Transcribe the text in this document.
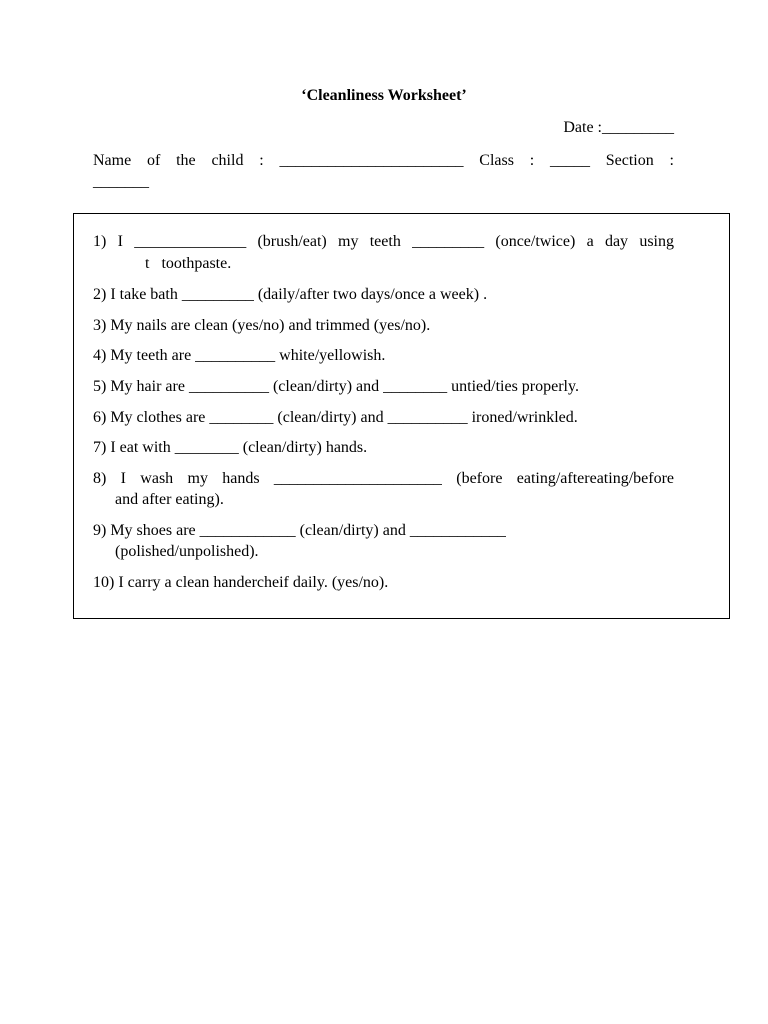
‘Cleanliness Worksheet’
Date :_________
Name of the child : _______________________ Class : _____ Section :
_______
1) I ______________ (brush/eat) my teeth _________ (once/twice) a day using
t toothpaste.
2) I take bath _________ (daily/after two days/once a week) .
3) My nails are clean (yes/no) and trimmed (yes/no).
4) My teeth are __________ white/yellowish.
5) My hair are __________ (clean/dirty) and ________ untied/ties properly.
6) My clothes are ________ (clean/dirty) and __________ ironed/wrinkled.
7) I eat with ________ (clean/dirty) hands.
8) I wash my hands _____________________ (before eating/aftereating/before
and after eating).
9) My shoes are ____________ (clean/dirty) and ____________
(polished/unpolished).
10) I carry a clean handercheif daily. (yes/no).
